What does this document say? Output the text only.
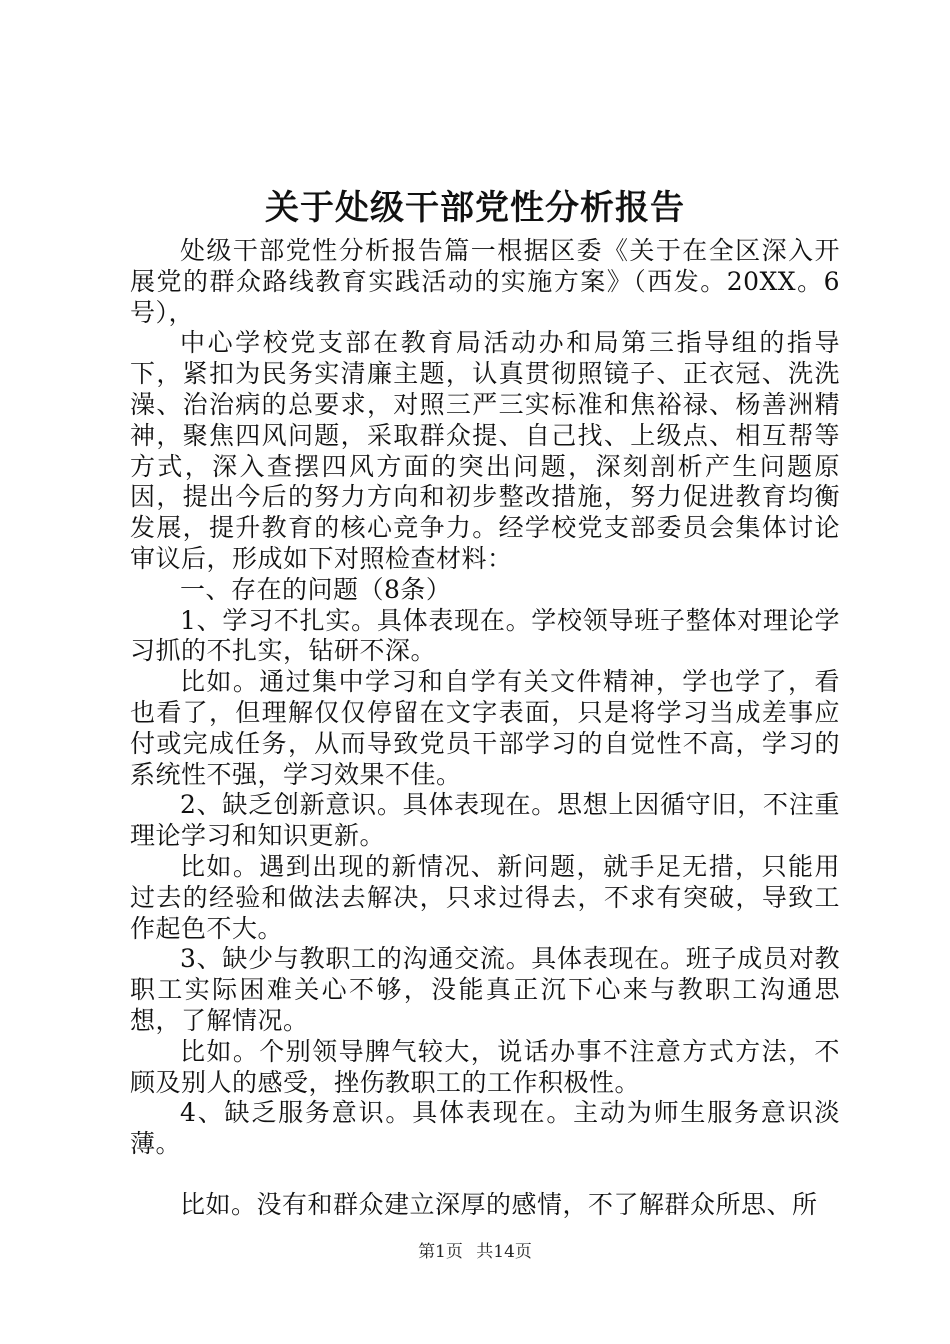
关于处级干部党性分析报告

处级干部党性分析报告篇一根据区委《关于在全区深入开展党的群众路线教育实践活动的实施方案》（西发。20XX。6号），

中心学校党支部在教育局活动办和局第三指导组的指导下，紧扣为民务实清廉主题，认真贯彻照镜子、正衣冠、洗洗澡、治治病的总要求，对照三严三实标准和焦裕禄、杨善洲精神，聚焦四风问题，采取群众提、自己找、上级点、相互帮等方式，深入查摆四风方面的突出问题，深刻剖析产生问题原因，提出今后的努力方向和初步整改措施，努力促进教育均衡发展，提升教育的核心竞争力。经学校党支部委员会集体讨论审议后，形成如下对照检查材料：

一、存在的问题（8条）

1、学习不扎实。具体表现在。学校领导班子整体对理论学习抓的不扎实，钻研不深。

比如。通过集中学习和自学有关文件精神，学也学了，看也看了，但理解仅仅停留在文字表面，只是将学习当成差事应付或完成任务，从而导致党员干部学习的自觉性不高，学习的系统性不强，学习效果不佳。

2、缺乏创新意识。具体表现在。思想上因循守旧，不注重理论学习和知识更新。

比如。遇到出现的新情况、新问题，就手足无措，只能用过去的经验和做法去解决，只求过得去，不求有突破，导致工作起色不大。

3、缺少与教职工的沟通交流。具体表现在。班子成员对教职工实际困难关心不够，没能真正沉下心来与教职工沟通思想，了解情况。

比如。个别领导脾气较大，说话办事不注意方式方法，不顾及别人的感受，挫伤教职工的工作积极性。

4、缺乏服务意识。具体表现在。主动为师生服务意识淡薄。

比如。没有和群众建立深厚的感情，不了解群众所思、所

第1页 共14页
